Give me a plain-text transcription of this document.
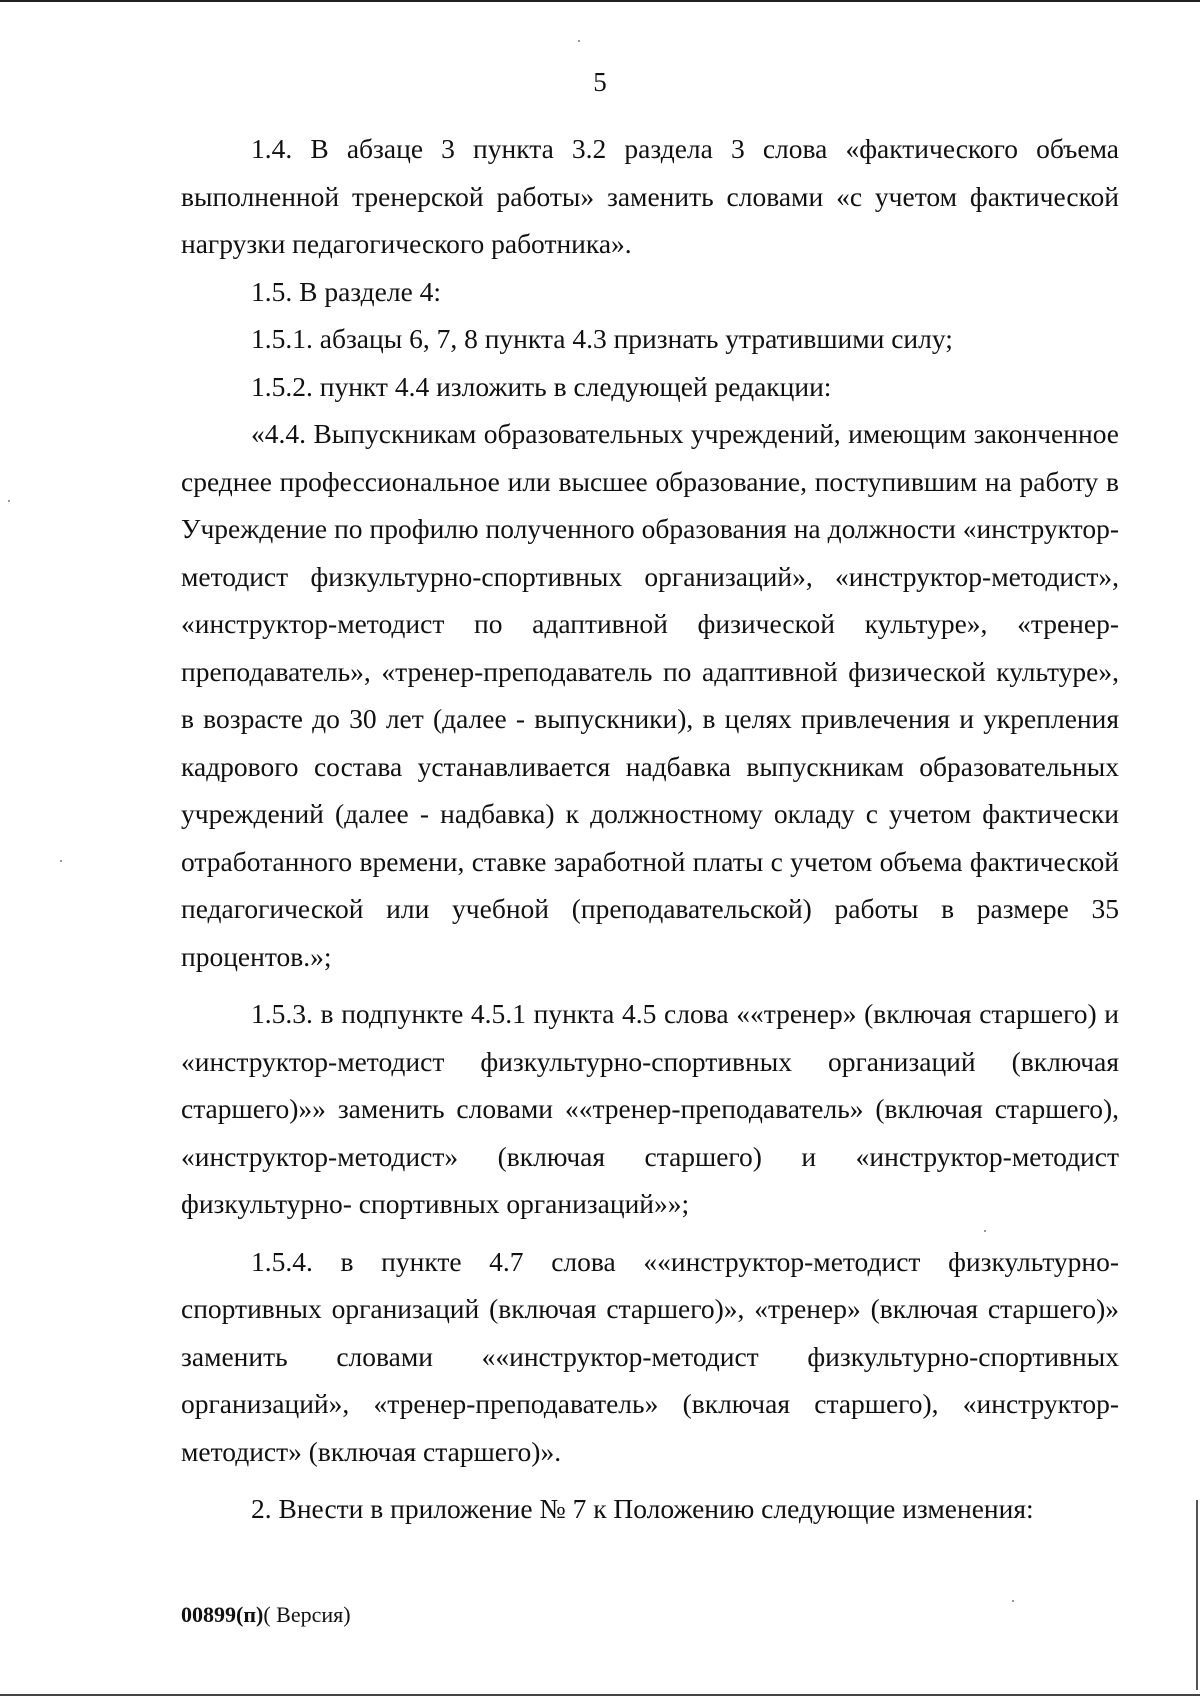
5

1.4. В абзаце 3 пункта 3.2 раздела 3 слова «фактического объема выполненной тренерской работы» заменить словами «с учетом фактической нагрузки педагогического работника».

1.5. В разделе 4:

1.5.1. абзацы 6, 7, 8 пункта 4.3 признать утратившими силу;

1.5.2. пункт 4.4 изложить в следующей редакции:

«4.4. Выпускникам образовательных учреждений, имеющим законченное среднее профессиональное или высшее образование, поступившим на работу в Учреждение по профилю полученного образования на должности «инструктор-методист физкультурно-спортивных организаций», «инструктор-методист», «инструктор-методист по адаптивной физической культуре», «тренер-преподаватель», «тренер-преподаватель по адаптивной физической культуре», в возрасте до 30 лет (далее - выпускники), в целях привлечения и укрепления кадрового состава устанавливается надбавка выпускникам образовательных учреждений (далее - надбавка) к должностному окладу с учетом фактически отработанного времени, ставке заработной платы с учетом объема фактической педагогической или учебной (преподавательской) работы в размере 35 процентов.»;

1.5.3. в подпункте 4.5.1 пункта 4.5 слова ««тренер» (включая старшего) и «инструктор-методист физкультурно-спортивных организаций (включая старшего)»» заменить словами ««тренер-преподаватель» (включая старшего), «инструктор-методист» (включая старшего) и «инструктор-методист физкультурно- спортивных организаций»»;

1.5.4. в пункте 4.7 слова ««инструктор-методист физкультурно-спортивных организаций (включая старшего)», «тренер» (включая старшего)» заменить словами ««инструктор-методист физкультурно-спортивных организаций», «тренер-преподаватель» (включая старшего), «инструктор-методист» (включая старшего)».

2. Внести в приложение № 7 к Положению следующие изменения:

00899(п)( Версия)
